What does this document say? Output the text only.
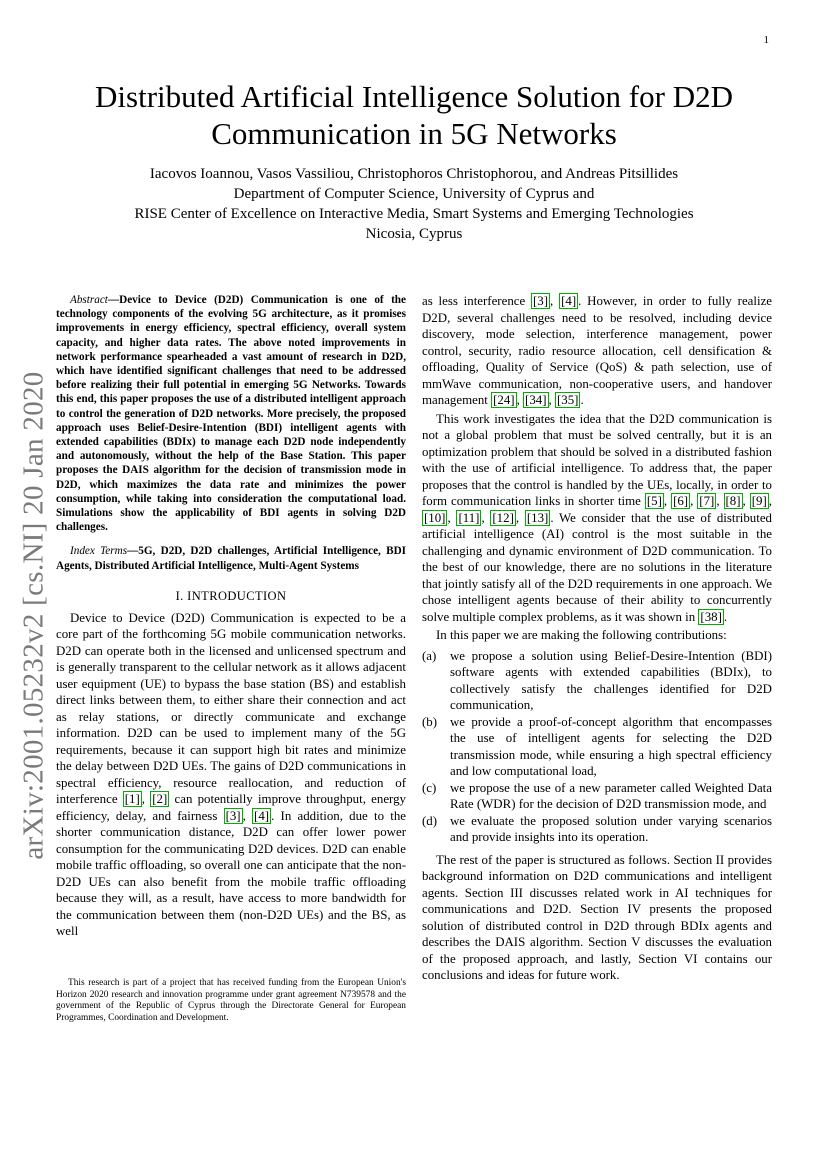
1
arXiv:2001.05232v2 [cs.NI] 20 Jan 2020
Distributed Artificial Intelligence Solution for D2D
Communication in 5G Networks
Iacovos Ioannou, Vasos Vassiliou, Christophoros Christophorou, and Andreas Pitsillides
Department of Computer Science, University of Cyprus and
RISE Center of Excellence on Interactive Media, Smart Systems and Emerging Technologies
Nicosia, Cyprus

Abstract—Device to Device (D2D) Communication is one of the technology components of the evolving 5G architecture, as it promises improvements in energy efficiency, spectral efficiency, overall system capacity, and higher data rates. The above noted improvements in network performance spearheaded a vast amount of research in D2D, which have identified significant challenges that need to be addressed before realizing their full potential in emerging 5G Networks. Towards this end, this paper proposes the use of a distributed intelligent approach to control the generation of D2D networks. More precisely, the proposed approach uses Belief-Desire-Intention (BDI) intelligent agents with extended capabilities (BDIx) to manage each D2D node independently and autonomously, without the help of the Base Station. This paper proposes the DAIS algorithm for the decision of transmission mode in D2D, which maximizes the data rate and minimizes the power consumption, while taking into consideration the computational load. Simulations show the applicability of BDI agents in solving D2D challenges.

Index Terms—5G, D2D, D2D challenges, Artificial Intelligence, BDI Agents, Distributed Artificial Intelligence, Multi-Agent Systems

I. INTRODUCTION

Device to Device (D2D) Communication is expected to be a core part of the forthcoming 5G mobile communication networks. D2D can operate both in the licensed and unlicensed spectrum and is generally transparent to the cellular network as it allows adjacent user equipment (UE) to bypass the base station (BS) and establish direct links between them, to either share their connection and act as relay stations, or directly communicate and exchange information. D2D can be used to implement many of the 5G requirements, because it can support high bit rates and minimize the delay between D2D UEs. The gains of D2D communications in spectral efficiency, resource reallocation, and reduction of interference [1] , [2] can potentially improve throughput, energy efficiency, delay, and fairness [3] , [4] . In addition, due to the shorter communication distance, D2D can offer lower power consumption for the communicating D2D devices. D2D can enable mobile traffic offloading, so overall one can anticipate that the non-D2D UEs can also benefit from the mobile traffic offloading because they will, as a result, have access to more bandwidth for the communication between them (non-D2D UEs) and the BS, as well

This research is part of a project that has received funding from the European Union's Horizon 2020 research and innovation programme under grant agreement N739578 and the government of the Republic of Cyprus through the Directorate General for European Programmes, Coordination and Development.

as less interference [3] , [4] . However, in order to fully realize D2D, several challenges need to be resolved, including device discovery, mode selection, interference management, power control, security, radio resource allocation, cell densification & offloading, Quality of Service (QoS) & path selection, use of mmWave communication, non-cooperative users, and handover management [24] , [34] , [35] .

This work investigates the idea that the D2D communication is not a global problem that must be solved centrally, but it is an optimization problem that should be solved in a distributed fashion with the use of artificial intelligence. To address that, the paper proposes that the control is handled by the UEs, locally, in order to form communication links in shorter time [5] , [6] , [7] , [8] , [9] , [10] , [11] , [12] , [13] . We consider that the use of distributed artificial intelligence (AI) control is the most suitable in the challenging and dynamic environment of D2D communication. To the best of our knowledge, there are no solutions in the literature that jointly satisfy all of the D2D requirements in one approach. We chose intelligent agents because of their ability to concurrently solve multiple complex problems, as it was shown in [38] .

In this paper we are making the following contributions:

(a)	we propose a solution using Belief-Desire-Intention (BDI) software agents with extended capabilities (BDIx), to collectively satisfy the challenges identified for D2D communication,
(b)	we provide a proof-of-concept algorithm that encompasses the use of intelligent agents for selecting the D2D transmission mode, while ensuring a high spectral efficiency and low computational load,
(c)	we propose the use of a new parameter called Weighted Data Rate (WDR) for the decision of D2D transmission mode, and
(d)	we evaluate the proposed solution under varying scenarios and provide insights into its operation.

The rest of the paper is structured as follows. Section II provides background information on D2D communications and intelligent agents. Section III discusses related work in AI techniques for communications and D2D. Section IV presents the proposed solution of distributed control in D2D through BDIx agents and describes the DAIS algorithm. Section V discusses the evaluation of the proposed approach, and lastly, Section VI contains our conclusions and ideas for future work.
